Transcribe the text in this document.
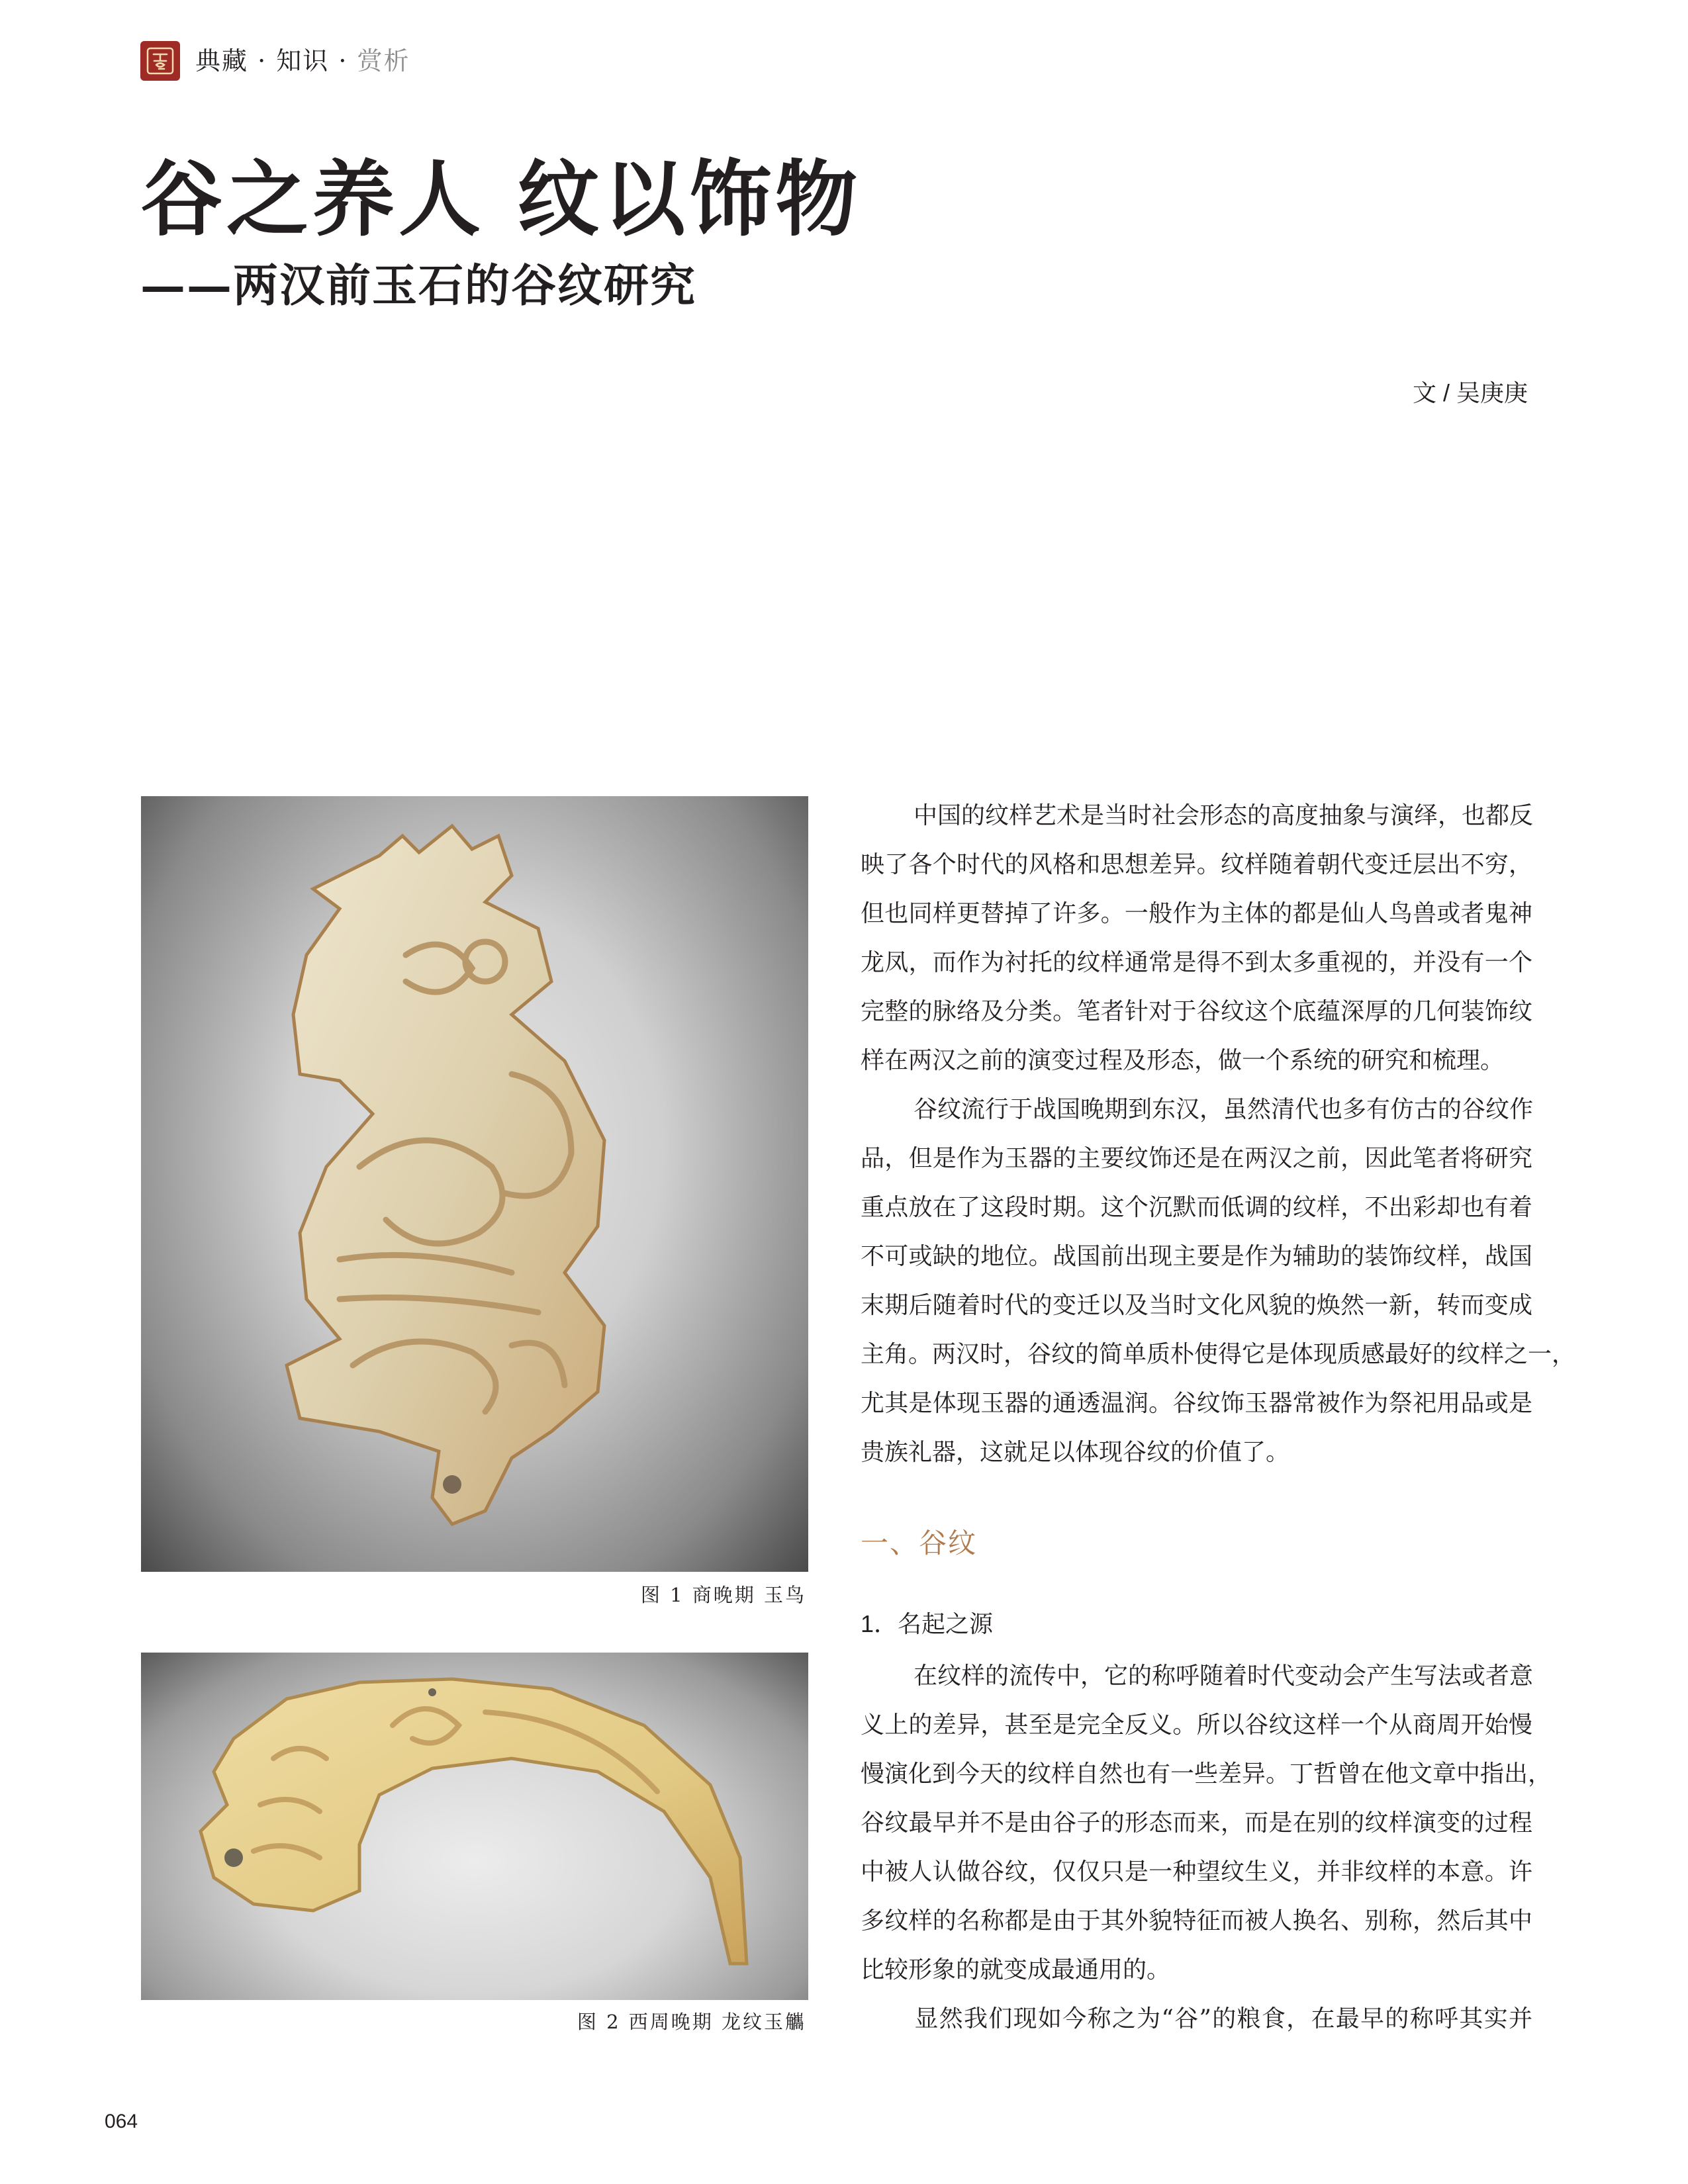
典藏 · 知识 · 赏析
谷之养人 纹以饰物
——两汉前玉石的谷纹研究
文 / 吴庚庚
图 1 商晚期 玉鸟
图 2 西周晚期 龙纹玉觿

中国的纹样艺术是当时社会形态的高度抽象与演绎，也都反
映了各个时代的风格和思想差异。纹样随着朝代变迁层出不穷，
但也同样更替掉了许多。一般作为主体的都是仙人鸟兽或者鬼神
龙凤，而作为衬托的纹样通常是得不到太多重视的，并没有一个
完整的脉络及分类。笔者针对于谷纹这个底蕴深厚的几何装饰纹
样在两汉之前的演变过程及形态，做一个系统的研究和梳理。

谷纹流行于战国晚期到东汉，虽然清代也多有仿古的谷纹作
品，但是作为玉器的主要纹饰还是在两汉之前，因此笔者将研究
重点放在了这段时期。这个沉默而低调的纹样，不出彩却也有着
不可或缺的地位。战国前出现主要是作为辅助的装饰纹样，战国
末期后随着时代的变迁以及当时文化风貌的焕然一新，转而变成
主角。两汉时，谷纹的简单质朴使得它是体现质感最好的纹样之一，
尤其是体现玉器的通透温润。谷纹饰玉器常被作为祭祀用品或是
贵族礼器，这就足以体现谷纹的价值了。

一、谷纹
1．名起之源

在纹样的流传中，它的称呼随着时代变动会产生写法或者意
义上的差异，甚至是完全反义。所以谷纹这样一个从商周开始慢
慢演化到今天的纹样自然也有一些差异。丁哲曾在他文章中指出，
谷纹最早并不是由谷子的形态而来，而是在别的纹样演变的过程
中被人认做谷纹，仅仅只是一种望纹生义，并非纹样的本意。许
多纹样的名称都是由于其外貌特征而被人换名、别称，然后其中
比较形象的就变成最通用的。

显然我们现如今称之为“谷”的粮食，在最早的称呼其实并

064
